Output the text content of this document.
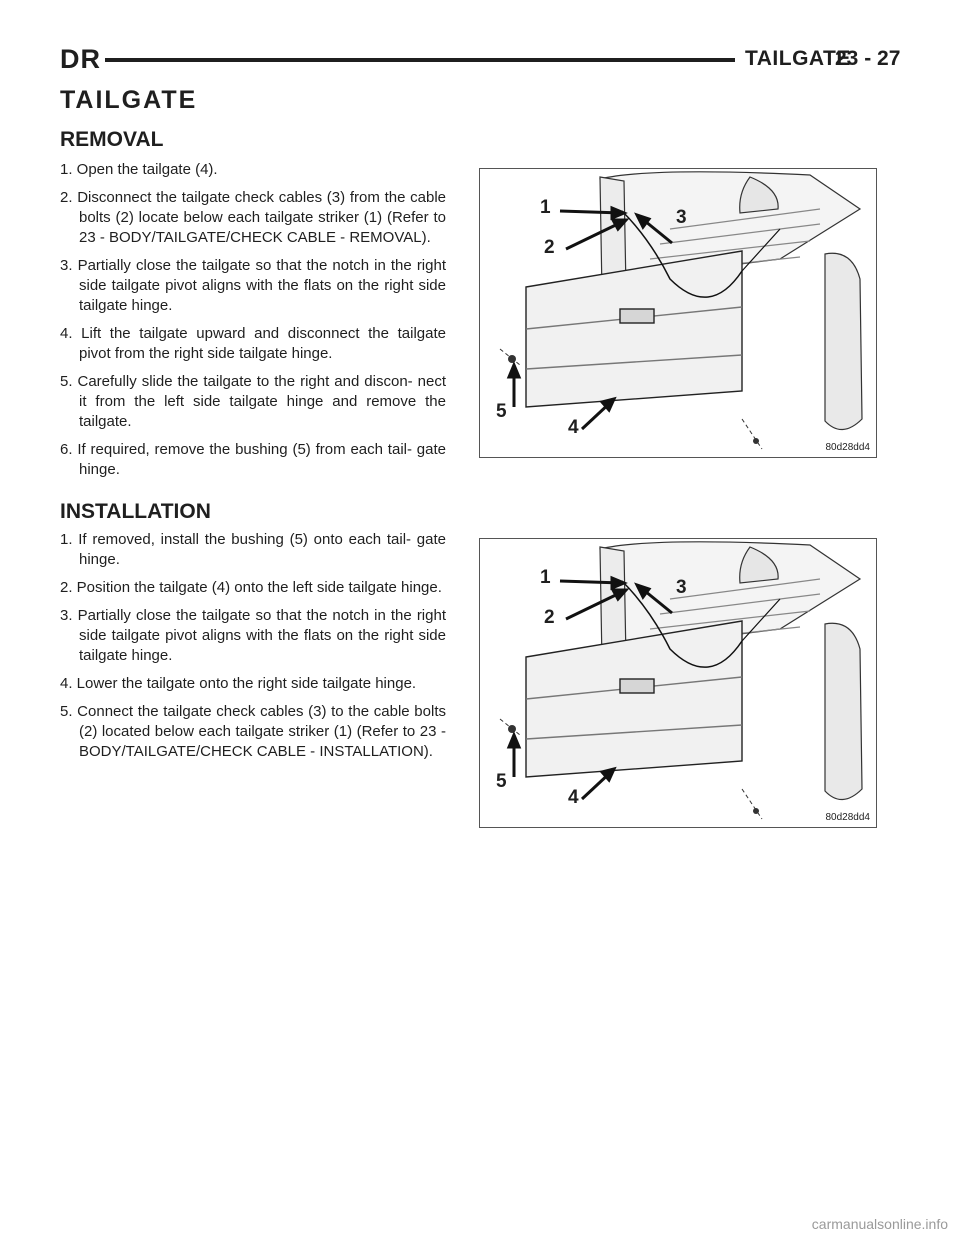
DR	TAILGATE
23 - 27
TAILGATE
REMOVAL
1. Open the tailgate (4).
2. Disconnect the tailgate check cables (3) from the cable bolts (2) locate below each tailgate striker (1) (Refer to 23 - BODY/TAILGATE/CHECK CABLE - REMOVAL).
3. Partially close the tailgate so that the notch in the right side tailgate pivot aligns with the flats on the right side tailgate hinge.
4. Lift the tailgate upward and disconnect the tailgate pivot from the right side tailgate hinge.
5. Carefully slide the tailgate to the right and discon- nect it from the left side tailgate hinge and remove the tailgate.
6. If required, remove the bushing (5) from each tail- gate hinge.
1
2
3
4
5
80d28dd4
INSTALLATION
1. If removed, install the bushing (5) onto each tail- gate hinge.
2. Position the tailgate (4) onto the left side tailgate hinge.
3. Partially close the tailgate so that the notch in the right side tailgate pivot aligns with the flats on the right side tailgate hinge.
4. Lower the tailgate onto the right side tailgate hinge.
5. Connect the tailgate check cables (3) to the cable bolts (2) located below each tailgate striker (1) (Refer to 23 - BODY/TAILGATE/CHECK CABLE - INSTALLATION).
1
2
3
4
5
80d28dd4
carmanualsonline.info
